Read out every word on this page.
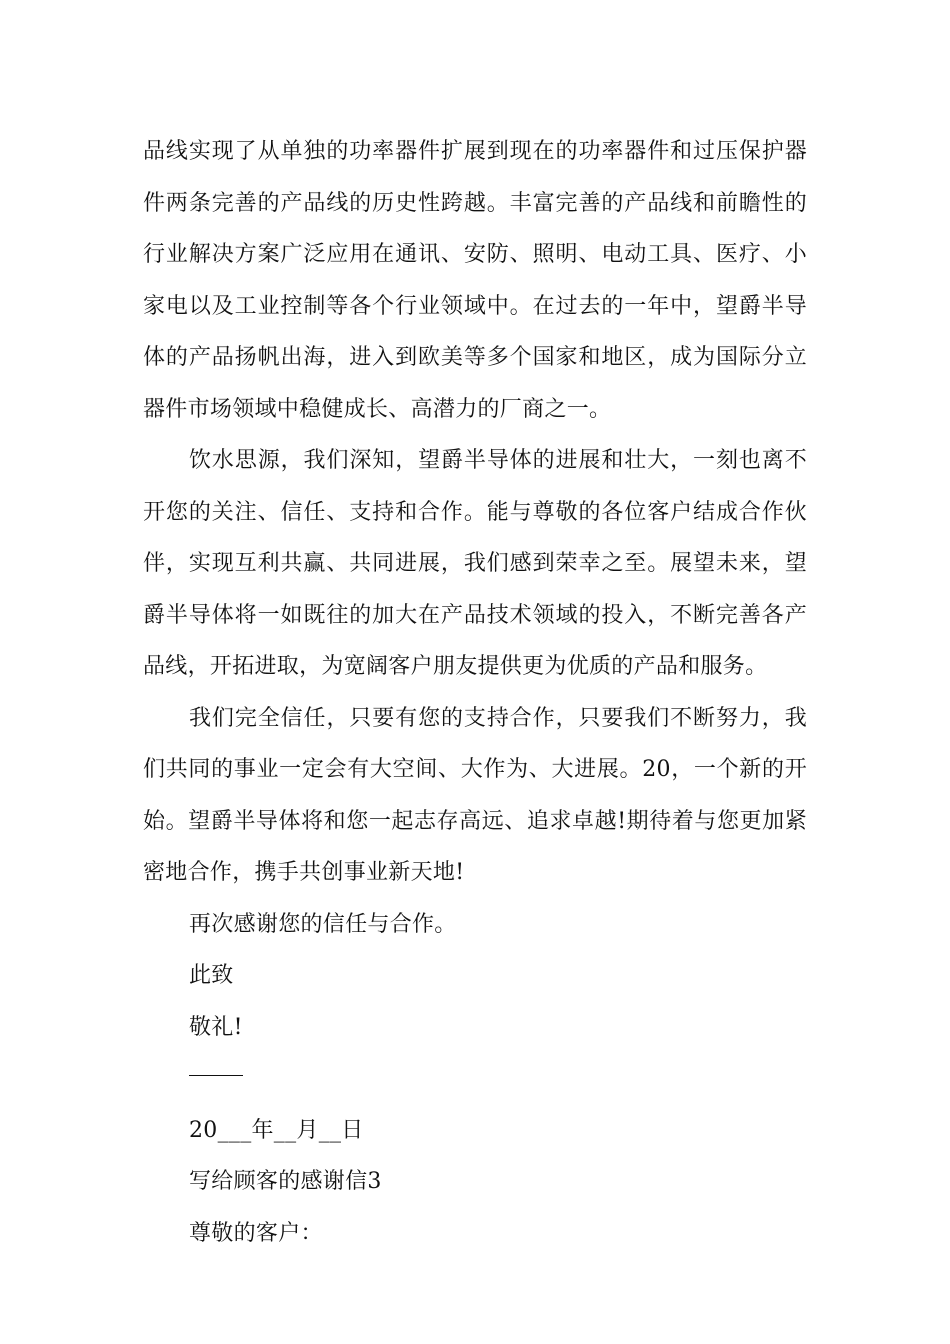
品线实现了从单独的功率器件扩展到现在的功率器件和过压保护器件两条完善的产品线的历史性跨越。丰富完善的产品线和前瞻性的行业解决方案广泛应用在通讯、安防、照明、电动工具、医疗、小家电以及工业控制等各个行业领域中。在过去的一年中，望爵半导体的产品扬帆出海，进入到欧美等多个国家和地区，成为国际分立器件市场领域中稳健成长、高潜力的厂商之一。

饮水思源，我们深知，望爵半导体的进展和壮大，一刻也离不开您的关注、信任、支持和合作。能与尊敬的各位客户结成合作伙伴，实现互利共赢、共同进展，我们感到荣幸之至。展望未来，望爵半导体将一如既往的加大在产品技术领域的投入，不断完善各产品线，开拓进取，为宽阔客户朋友提供更为优质的产品和服务。

我们完全信任，只要有您的支持合作，只要我们不断努力，我们共同的事业一定会有大空间、大作为、大进展。20，一个新的开始。望爵半导体将和您一起志存高远、追求卓越!期待着与您更加紧密地合作，携手共创事业新天地!

再次感谢您的信任与合作。

此致

敬礼!

20___年__月__日

写给顾客的感谢信3

尊敬的客户：
